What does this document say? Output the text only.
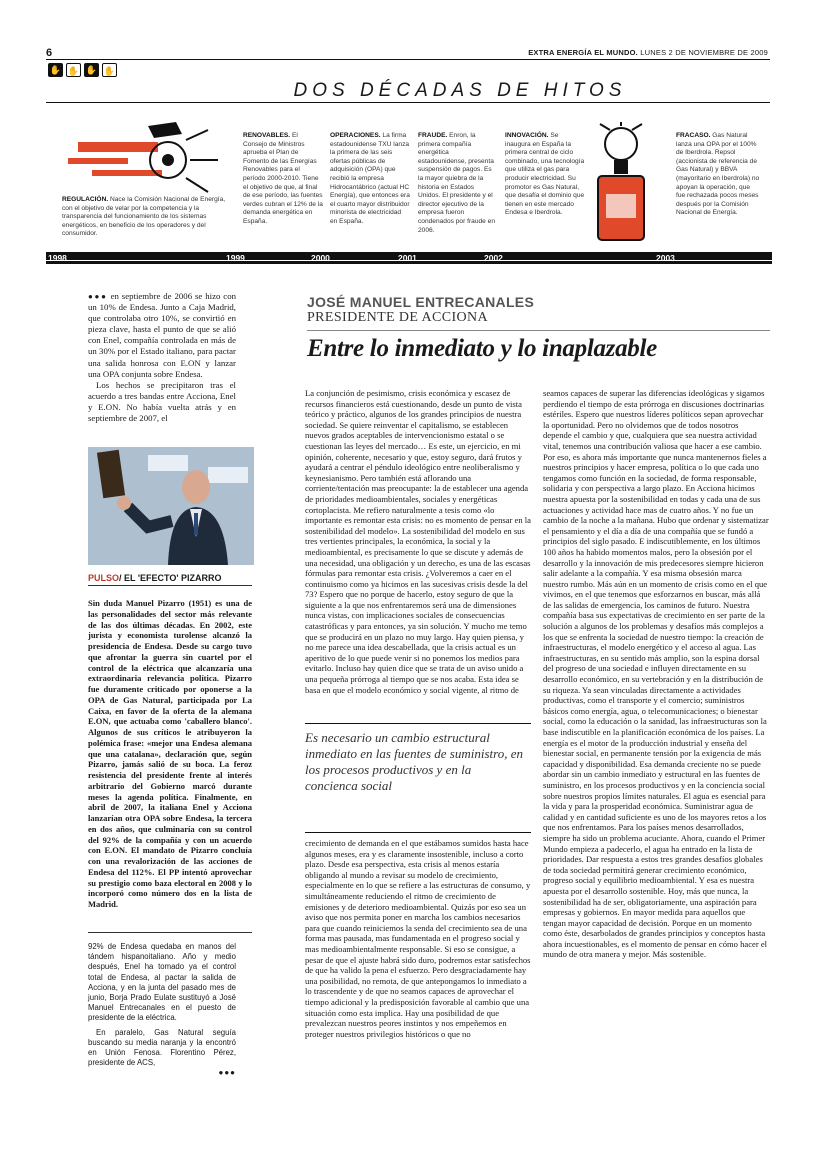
6	EXTRA ENERGÍA EL MUNDO. LUNES 2 DE NOVIEMBRE DE 2009
✋ ✋ ✋ ✋
DOS DÉCADAS DE HITOS
REGULACIÓN. Nace la Comisión Nacional de Energía, con el objetivo de velar por la competencia y la transparencia del funcionamiento de los sistemas energéticos, en beneficio de los operadores y del consumidor.
RENOVABLES. El Consejo de Ministros aprueba el Plan de Fomento de las Energías Renovables para el período 2000-2010. Tiene el objetivo de que, al final de ese período, las fuentes verdes cubran el 12% de la demanda energética en España.
OPERACIONES. La firma estadounidense TXU lanza la primera de las seis ofertas públicas de adquisición (OPA) que recibió la empresa Hidrocantábrico (actual HC Energía), que entonces era el cuarto mayor distribuidor minorista de electricidad en España.
FRAUDE. Enron, la primera compañía energética estadounidense, presenta suspensión de pagos. Es la mayor quiebra de la historia en Estados Unidos. El presidente y el director ejecutivo de la empresa fueron condenados por fraude en 2006.
INNOVACIÓN. Se inaugura en España la primera central de ciclo combinado, una tecnología que utiliza el gas para producir electricidad. Su promotor es Gas Natural, que desafía el dominio que tienen en este mercado Endesa e Iberdrola.
FRACASO. Gas Natural lanza una OPA por el 100% de Iberdrola. Repsol (accionista de referencia de Gas Natural) y BBVA (mayoritario en Iberdrola) no apoyan la operación, que fue rechazada pocos meses después por la Comisión Nacional de Energía.
1998	1999	2000	2001	2002	2003

●●● en septiembre de 2006 se hizo con un 10% de Endesa. Junto a Caja Madrid, que controlaba otro 10%, se convirtió en pieza clave, hasta el punto de que se alió con Enel, compañía controlada en más de un 30% por el Estado italiano, para pactar una salida honrosa con E.ON y lanzar una OPA conjunta sobre Endesa.

Los hechos se precipitaron tras el acuerdo a tres bandas entre Acciona, Enel y E.ON. No había vuelta atrás y en septiembre de 2007, el

PULSO/ EL 'EFECTO' PIZARRO
Sin duda Manuel Pizarro (1951) es una de las personalidades del sector más relevante de las dos últimas décadas. En 2002, este jurista y economista turolense alcanzó la presidencia de Endesa. Desde su cargo tuvo que afrontar la guerra sin cuartel por el control de la eléctrica que alcanzaría una extraordinaria relevancia política. Pizarro fue duramente criticado por oponerse a la OPA de Gas Natural, participada por La Caixa, en favor de la oferta de la alemana E.ON, que actuaba como 'caballero blanco'. Algunos de sus críticos le atribuyeron la polémica frase: «mejor una Endesa alemana que una catalana», declaración que, según Pizarro, jamás salió de su boca. La feroz resistencia del presidente frente al interés arbitrario del Gobierno marcó durante meses la agenda política. Finalmente, en abril de 2007, la italiana Enel y Acciona lanzarían otra OPA sobre Endesa, la tercera en dos años, que culminaría con su control del 92% de la compañía y con un acuerdo con E.ON. El mandato de Pizarro concluía con una revalorización de las acciones de Endesa del 112%. El PP intentó aprovechar su prestigio como baza electoral en 2008 y lo incorporó como número dos en la lista de Madrid.

92% de Endesa quedaba en manos del tándem hispanoitaliano. Año y medio después, Enel ha tomado ya el control total de Endesa, al pactar la salida de Acciona, y en la junta del pasado mes de junio, Borja Prado Eulate sustituyó a José Manuel Entrecanales en el puesto de presidente de la eléctrica.

En paralelo, Gas Natural seguía buscando su media naranja y la encontró en Unión Fenosa. Florentino Pérez, presidente de ACS,

●●●

JOSÉ MANUEL ENTRECANALES
PRESIDENTE DE ACCIONA
Entre lo inmediato y lo inaplazable
La conjunción de pesimismo, crisis económica y escasez de recursos financieros está cuestionando, desde un punto de vista teórico y práctico, algunos de los grandes principios de nuestra sociedad. Se quiere reinventar el capitalismo, se establecen nuevos grados aceptables de intervencionismo estatal o se cuestionan las leyes del mercado… Es este, un ejercicio, en mi opinión, coherente, necesario y que, estoy seguro, dará frutos y ayudará a centrar el péndulo ideológico entre neoliberalismo y keynesianismo. Pero también está aflorando una corriente/tentación mas preocupante: la de establecer una agenda de prioridades medioambientales, sociales y energéticas cortoplacista. Me refiero naturalmente a tesis como «lo importante es remontar esta crisis: no es momento de pensar en la sostenibilidad del modelo». La sostenibilidad del modelo en sus tres vertientes principales, la económica, la social y la medioambiental, es precisamente lo que se discute y además de una necesidad, una obligación y un derecho, es una de las escasas fórmulas para remontar esta crisis. ¿Volveremos a caer en el continuismo como ya hicimos en las sucesivas crisis desde la del 73? Espero que no porque de hacerlo, estoy seguro de que la siguiente a la que nos enfrentaremos será una de dimensiones nunca vistas, con implicaciones sociales de consecuencias catastróficas y para entonces, ya sin solución. Y mucho me temo que se producirá en un plazo no muy largo. Hay quien piensa, y no me parece una idea descabellada, que la crisis actual es un aperitivo de lo que puede venir si no ponemos los medios para evitarlo. Incluso hay quien dice que se trata de un aviso unido a una pequeña prórroga al tiempo que se nos acaba. Esta idea se basa en que el modelo económico y social vigente, al ritmo de
Es necesario un cambio estructural inmediato en las fuentes de suministro, en los procesos productivos y en la concienca social
crecimiento de demanda en el que estábamos sumidos hasta hace algunos meses, era y es claramente insostenible, incluso a corto plazo. Desde esa perspectiva, esta crisis al menos estaría obligando al mundo a revisar su modelo de crecimiento, especialmente en lo que se refiere a las estructuras de consumo, y simultáneamente reduciendo el ritmo de crecimiento de emisiones y de deterioro medioambiental. Quizás por eso sea un aviso que nos permita poner en marcha los cambios necesarios para que cuando reiniciemos la senda del crecimiento sea de una forma mas pausada, mas fundamentada en el progreso social y mas medioambientalmente responsable. Si eso se consigue, a pesar de que el ajuste habrá sido duro, podremos estar satisfechos de que ha valido la pena el esfuerzo. Pero desgraciadamente hay una posibilidad, no remota, de que antepongamos lo inmediato a lo trascendente y de que no seamos capaces de aprovechar el tiempo adicional y la predisposición favorable al cambio que una situación como esta implica. Hay una posibilidad de que prevalezcan nuestros peores instintos y nos empeñemos en proteger nuestros privilegios históricos o que no
seamos capaces de superar las diferencias ideológicas y sigamos perdiendo el tiempo de esta prórroga en discusiones doctrinarias estériles. Espero que nuestros líderes políticos sepan aprovechar la oportunidad. Pero no olvidemos que de todos nosotros depende el cambio y que, cualquiera que sea nuestra actividad vital, tenemos una contribución valiosa que hacer a ese cambio. Por eso, es ahora más importante que nunca mantenernos fieles a nuestros principios y hacer empresa, política o lo que cada uno tengamos como función en la sociedad, de forma responsable, solidaria y con perspectiva a largo plazo. En Acciona hicimos nuestra apuesta por la sostenibilidad en todas y cada una de sus actuaciones y actividad hace mas de cuatro años. Y no fue un cambio de la noche a la mañana. Hubo que ordenar y sistematizar el pensamiento y el día a día de una compañía que se fundó a principios del siglo pasado. E indiscutiblemente, en los últimos 100 años ha habido momentos malos, pero la obsesión por el desarrollo y la innovación de mis predecesores siempre hicieron salir adelante a la compañía. Y esa misma obsesión marca nuestro rumbo. Más aún en un momento de crisis como en el que vivimos, en el que tenemos que esforzarnos en buscar, más allá de las salidas de emergencia, los caminos de futuro. Nuestra compañía basa sus expectativas de crecimiento en ser parte de la solución a algunos de los problemas y desafíos más complejos a los que se enfrenta la sociedad de nuestro tiempo: la creación de infraestructuras, el modelo energético y el acceso al agua. Las infraestructuras, en su sentido más amplio, son la espina dorsal del progreso de una sociedad e influyen directamente en su desarrollo económico, en su vertebración y en la distribución de su riqueza. Ya sean vinculadas directamente a actividades productivas, como el transporte y el comercio; suministros básicos como energía, agua, o telecomunicaciones; o bienestar social, como la educación o la sanidad, las infraestructuras son la base indiscutible en la planificación económica de los países. La energía es el motor de la producción industrial y enseña del bienestar social, en permanente tensión por la exigencia de más capacidad y disponibilidad. Esa demanda creciente no se puede abordar sin un cambio inmediato y estructural en las fuentes de suministro, en los procesos productivos y en la conciencia social sobre nuestros propios límites naturales. El agua es esencial para la vida y para la prosperidad económica. Suministrar agua de calidad y en cantidad suficiente es uno de los mayores retos a los que nos enfrentamos. Para los países menos desarrollados, siempre ha sido un problema acuciante. Ahora, cuando el Primer Mundo empieza a padecerlo, el agua ha entrado en la lista de prioridades. Dar respuesta a estos tres grandes desafíos globales de toda sociedad permitirá generar crecimiento económico, progreso social y equilibrio medioambiental. Y esa es nuestra apuesta por el desarrollo sostenible. Hoy, más que nunca, la sostenibilidad ha de ser, obligatoriamente, una aspiración para empresas y gobiernos. En mayor medida para aquellos que tengan mayor capacidad de decisión. Porque en un momento como éste, desarbolados de grandes principios y conceptos hasta ahora incuestionables, es el momento de pensar en cómo hacer el mundo de otra manera y mejor. Más sostenible.
